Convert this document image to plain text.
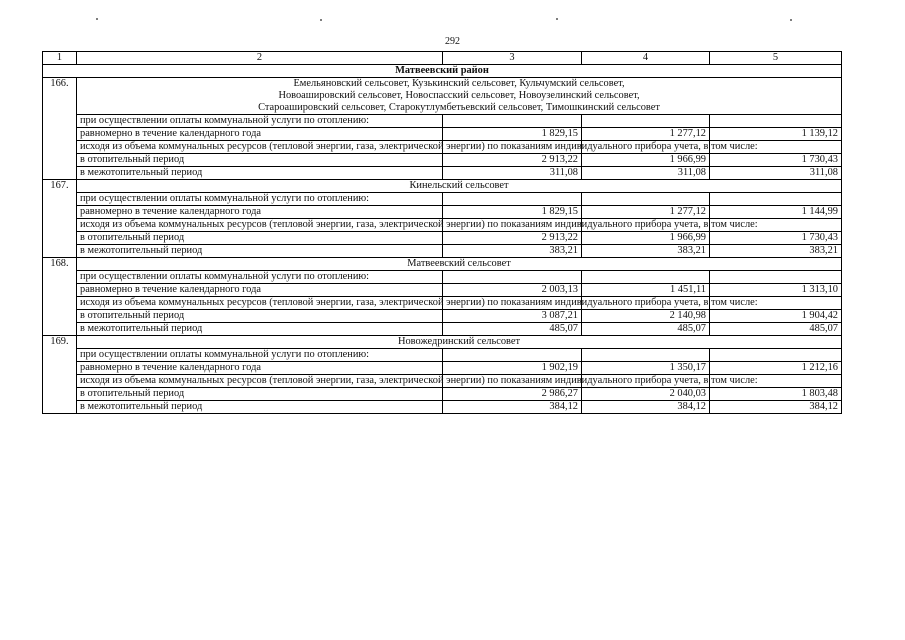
292
1	2	3	4	5
Матвеевский район				
166.	Емельяновский сельсовет, Кузькинский сельсовет, Кульчумский сельсовет,
Новоашировский сельсовет, Новоспасский сельсовет, Новоузелинский сельсовет,
Староашировский сельсовет, Старокутлумбетьевский сельсовет, Тимошкинский сельсовет			

	при осуществлении оплаты коммунальной услуги по отоплению:			
	равномерно в течение календарного года	1 829,15	1 277,12	1 139,12
	исходя из объема коммунальных ресурсов (тепловой энергии, газа, электрической энергии) по показаниям индивидуального прибора учета, в том числе:			
	в отопительный период	2 913,22	1 966,99	1 730,43
	в межотопительный период	311,08	311,08	311,08
167.	Кинельский сельсовет			

	при осуществлении оплаты коммунальной услуги по отоплению:			
	равномерно в течение календарного года	1 829,15	1 277,12	1 144,99
	исходя из объема коммунальных ресурсов (тепловой энергии, газа, электрической энергии) по показаниям индивидуального прибора учета, в том числе:			
	в отопительный период	2 913,22	1 966,99	1 730,43
	в межотопительный период	383,21	383,21	383,21
168.	Матвеевский сельсовет			

	при осуществлении оплаты коммунальной услуги по отоплению:			
	равномерно в течение календарного года	2 003,13	1 451,11	1 313,10
	исходя из объема коммунальных ресурсов (тепловой энергии, газа, электрической энергии) по показаниям индивидуального прибора учета, в том числе:			
	в отопительный период	3 087,21	2 140,98	1 904,42
	в межотопительный период	485,07	485,07	485,07
169.	Новожедринский сельсовет			

	при осуществлении оплаты коммунальной услуги по отоплению:			
	равномерно в течение календарного года	1 902,19	1 350,17	1 212,16
	исходя из объема коммунальных ресурсов (тепловой энергии, газа, электрической энергии) по показаниям индивидуального прибора учета, в том числе:			
	в отопительный период	2 986,27	2 040,03	1 803,48
	в межотопительный период	384,12	384,12	384,12
